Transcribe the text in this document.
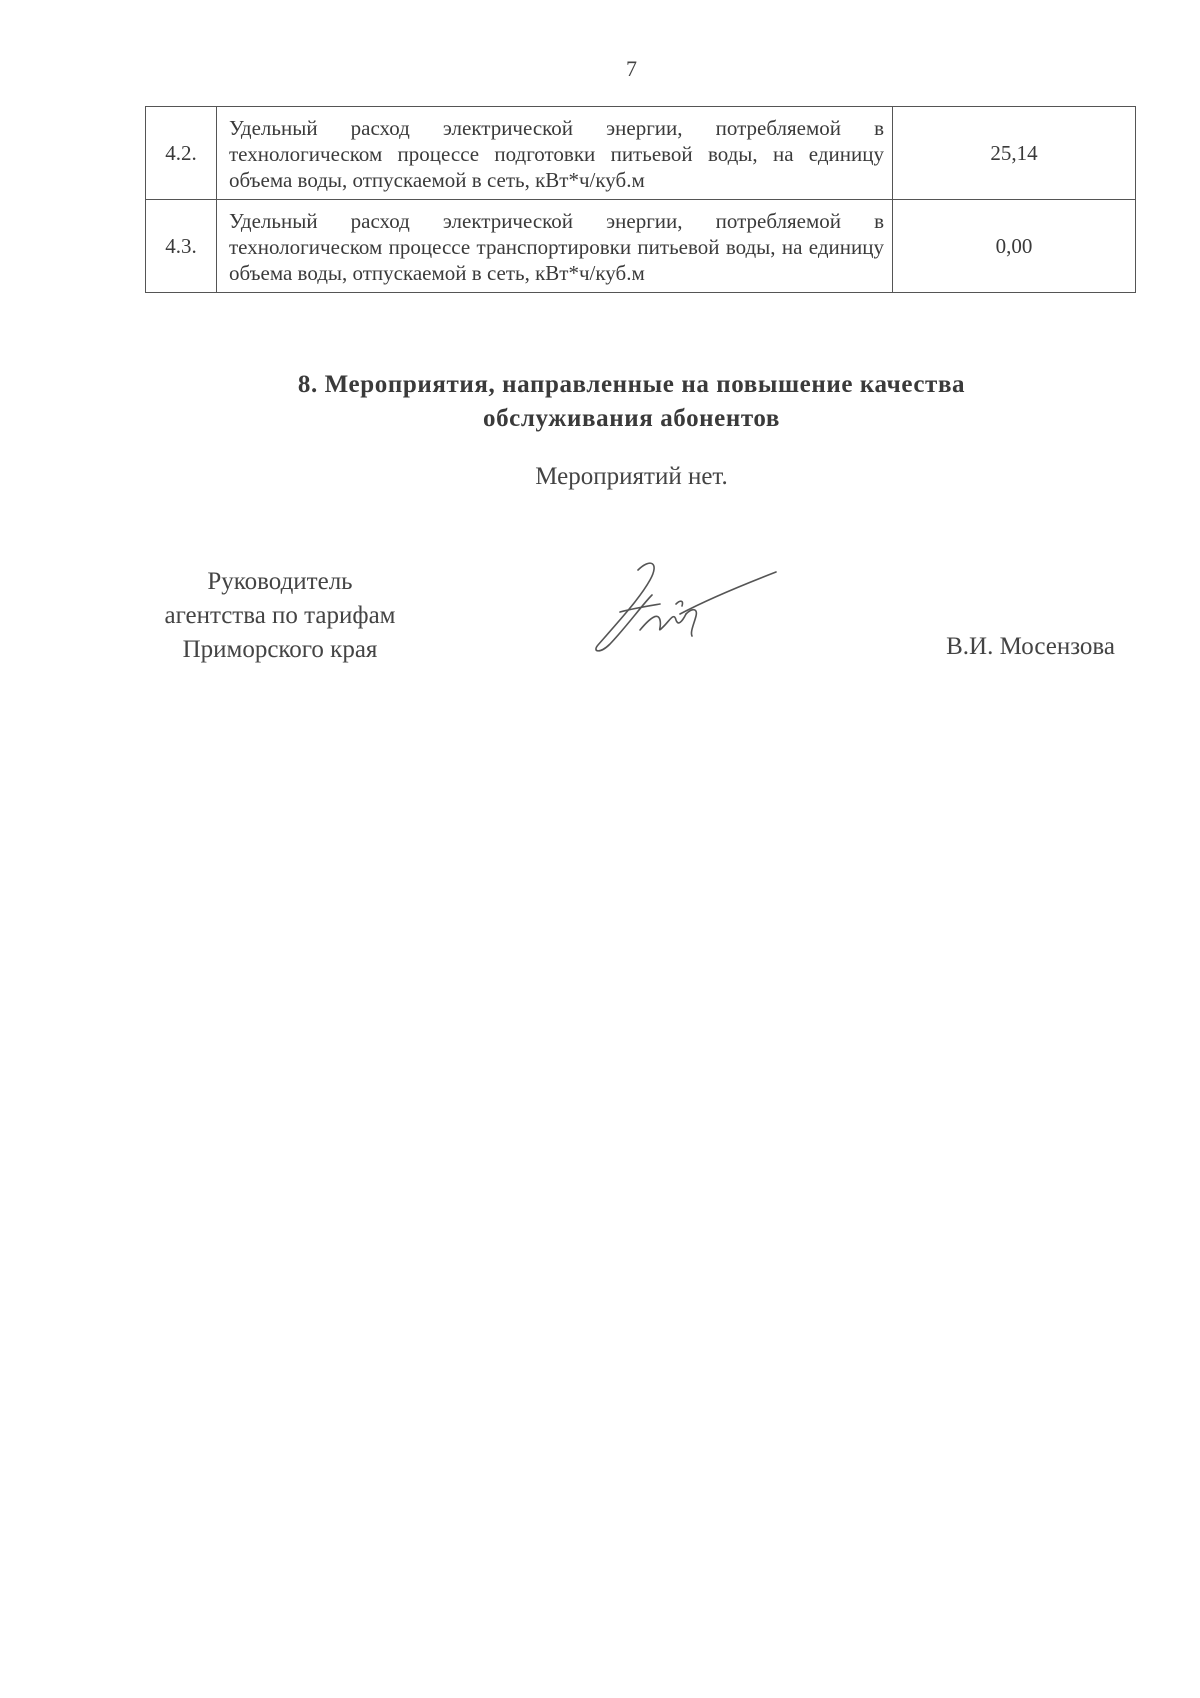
7
4.2.	Удельный расход электрической энергии, потребляемой в технологическом процессе подготовки питьевой воды, на единицу объема воды, отпускаемой в сеть, кВт*ч/куб.м	25,14
4.3.	Удельный расход электрической энергии, потребляемой в технологическом процессе транспортировки питьевой воды, на единицу объема воды, отпускаемой в сеть, кВт*ч/куб.м	0,00
8. Мероприятия, направленные на повышение качества
обслуживания абонентов
Мероприятий нет.
Руководитель
агентства по тарифам
Приморского края	В.И. Мосензова
